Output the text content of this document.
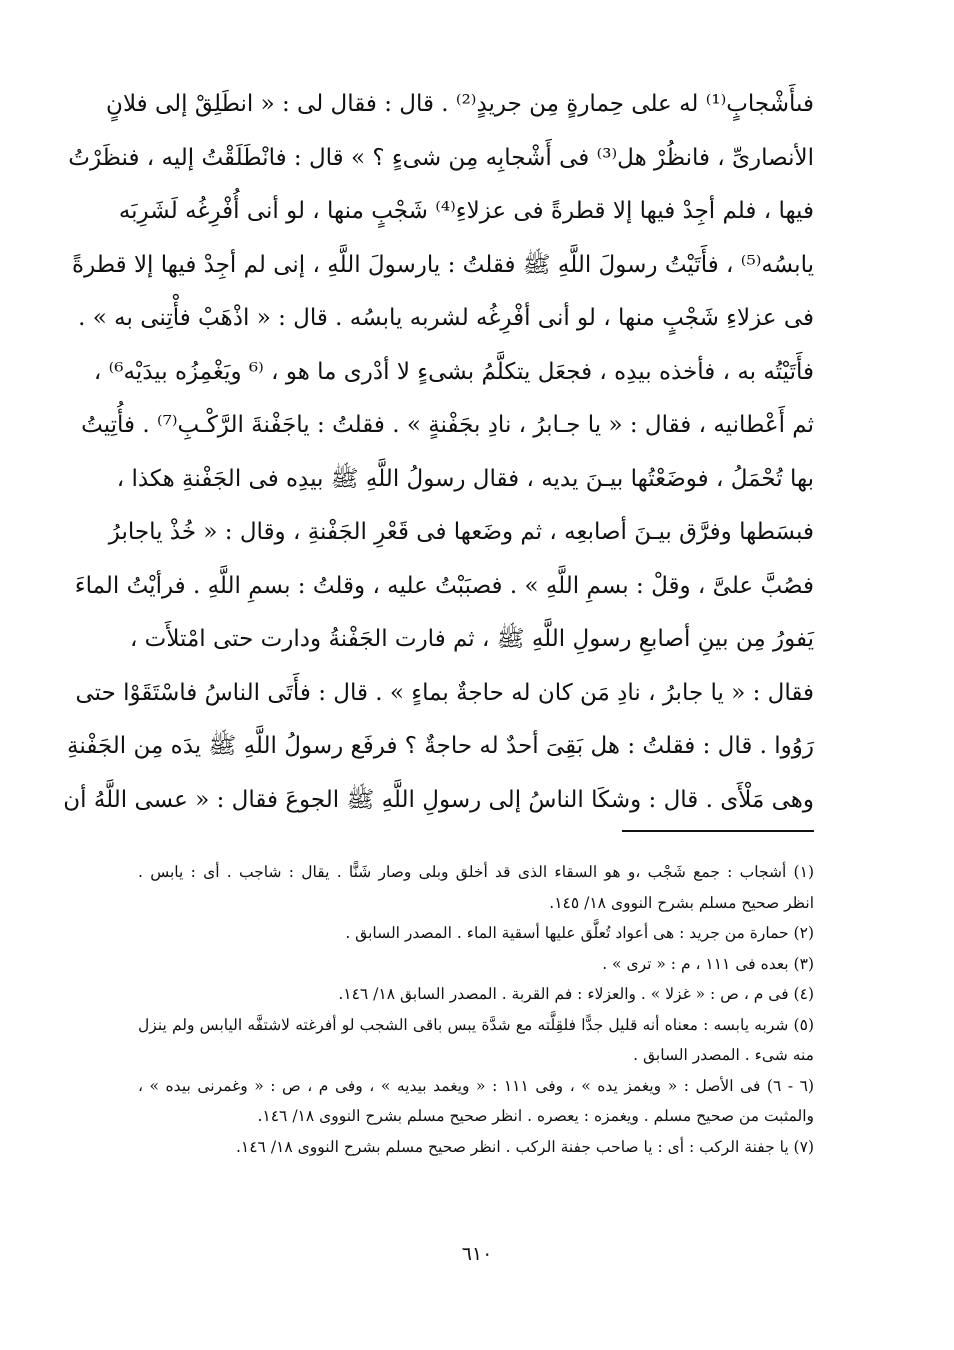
فىأَشْجابٍ⁽¹⁾ له على حِمارةٍ مِن جريدٍ⁽²⁾ . قال : فقال لى : « انطَلِقْ إلى فلانٍ
الأنصارىِّ ، فانظُرْ هل⁽³⁾ فى أَشْجابِه مِن شىءٍ ؟ » قال : فانْطَلَقْتُ إليه ، فنظَرْتُ
فيها ، فلم أجِدْ فيها إلا قطرةً فى عزلاءِ⁽⁴⁾ شَجْبٍ منها ، لو أنى أُفْرِغُه لَشَرِبَه
يابسُه⁽⁵⁾ ، فأَتَيْتُ رسولَ اللَّهِ ﷺ فقلتُ : يارسولَ اللَّهِ ، إنى لم أجِدْ فيها إلا قطرةً
فى عزلاءِ شَجْبٍ منها ، لو أنى أفْرِغُه لشربه يابسُه . قال : « اذْهَبْ فأْتِنى به » .
فأَتَيْتُه به ، فأخذه بيدِه ، فجعَل يتكلَّمُ بشىءٍ لا أدْرى ما هو ، ⁽⁶ ويَغْمِزُه بيدَيْه⁶⁾ ،
ثم أَعْطانيه ، فقال : « يا جـابرُ ، نادِ بجَفْنةٍ » . فقلتُ : ياجَفْنةَ الرَّكْـبِ⁽⁷⁾ . فأُتِيتُ
بها تُحْمَلُ ، فوضَعْتُها بيـنَ يديه ، فقال رسولُ اللَّهِ ﷺ بيدِه فى الجَفْنةِ هكذا ،
فبسَطها وفرَّق بيـنَ أصابعِه ، ثم وضَعها فى قَعْرِ الجَفْنةِ ، وقال : « خُذْ ياجابرُ
فصُبَّ علىَّ ، وقلْ : بسمِ اللَّهِ » . فصبَبْتُ عليه ، وقلتُ : بسمِ اللَّهِ . فرأيْتُ الماءَ
يَفورُ مِن بينِ أصابعِ رسولِ اللَّهِ ﷺ ، ثم فارت الجَفْنةُ ودارت حتى امْتلأَت ،
فقال : « يا جابرُ ، نادِ مَن كان له حاجةٌ بماءٍ » . قال : فأَتَى الناسُ فاسْتَقَوْا حتى
رَوُوا . قال : فقلتُ : هل بَقِىَ أحدٌ له حاجةٌ ؟ فرفَع رسولُ اللَّهِ ﷺ يدَه مِن الجَفْنةِ
وهى مَلْأَى . قال : وشكَا الناسُ إلى رسولِ اللَّهِ ﷺ الجوعَ فقال : « عسى اللَّهُ أن
(١) أشجاب : جمع شَجْب ،و هو السقاء الذى قد أخلق وبلى وصار شَنًّا . يقال : شاجب . أى : يابس .
انظر صحيح مسلم بشرح النووى ١٨/ ١٤٥.
(٢) حمارة من جريد : هى أعواد تُعلَّق عليها أسقية الماء . المصدر السابق .
(٣) بعده فى ١١١ ، م : « ترى » .
(٤) فى م ، ص : « غزلا » . والعزلاء : فم القربة . المصدر السابق ١٨/ ١٤٦.
(٥) شربه يابسه : معناه أنه قليل جدًّا فلقِلَّته مع شدَّة يبس باقى الشجب لو أفرغته لاشتفَّه اليابس ولم ينزل
منه شىء . المصدر السابق .
(٦ - ٦) فى الأصل : « ويغمز يده » ، وفى ١١١ : « ويغمد بيديه » ، وفى م ، ص : « وغمرنى بيده » ،
والمثبت من صحيح مسلم . ويغمزه : يعصره . انظر صحيح مسلم بشرح النووى ١٨/ ١٤٦.
(٧) يا جفنة الركب : أى : يا صاحب جفنة الركب . انظر صحيح مسلم بشرح النووى ١٨/ ١٤٦.
٦١٠
